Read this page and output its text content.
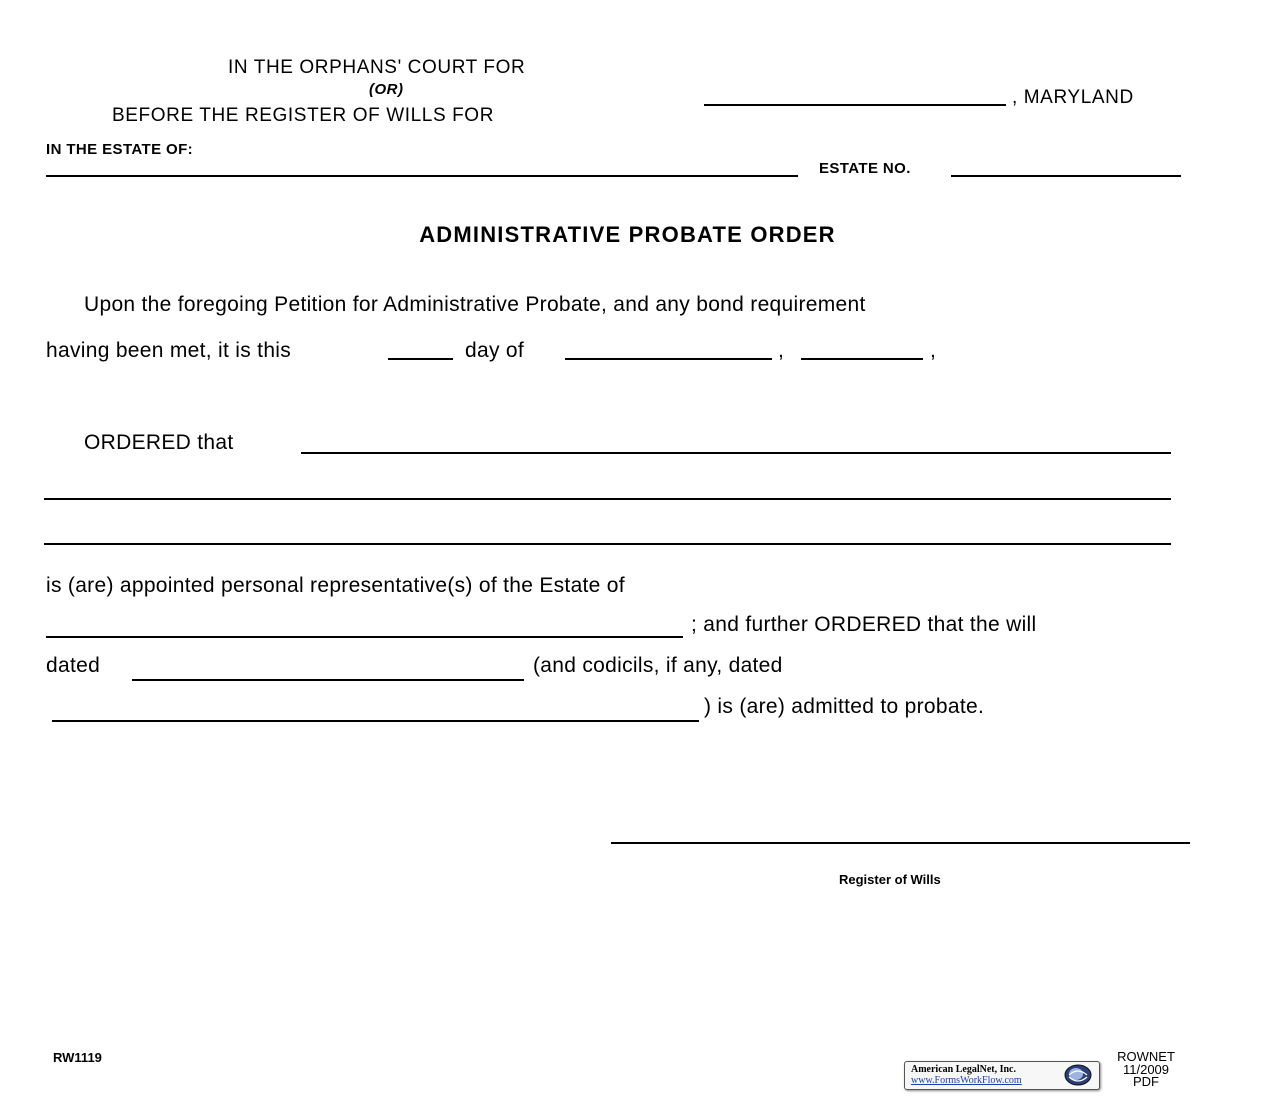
IN THE ORPHANS' COURT FOR
(OR)
BEFORE THE REGISTER OF WILLS FOR
, MARYLAND
IN THE ESTATE OF:
ESTATE NO.
ADMINISTRATIVE PROBATE ORDER
Upon the foregoing Petition for Administrative Probate, and any bond requirement
having been met, it is this	day of	,	,
ORDERED that
is (are) appointed personal representative(s) of the Estate of
; and further ORDERED that the will
dated	(and codicils, if any, dated
) is (are) admitted to probate.
Register of Wills
RW1119
American LegalNet, Inc.
www.FormsWorkFlow.com
ROWNET
11/2009
PDF
